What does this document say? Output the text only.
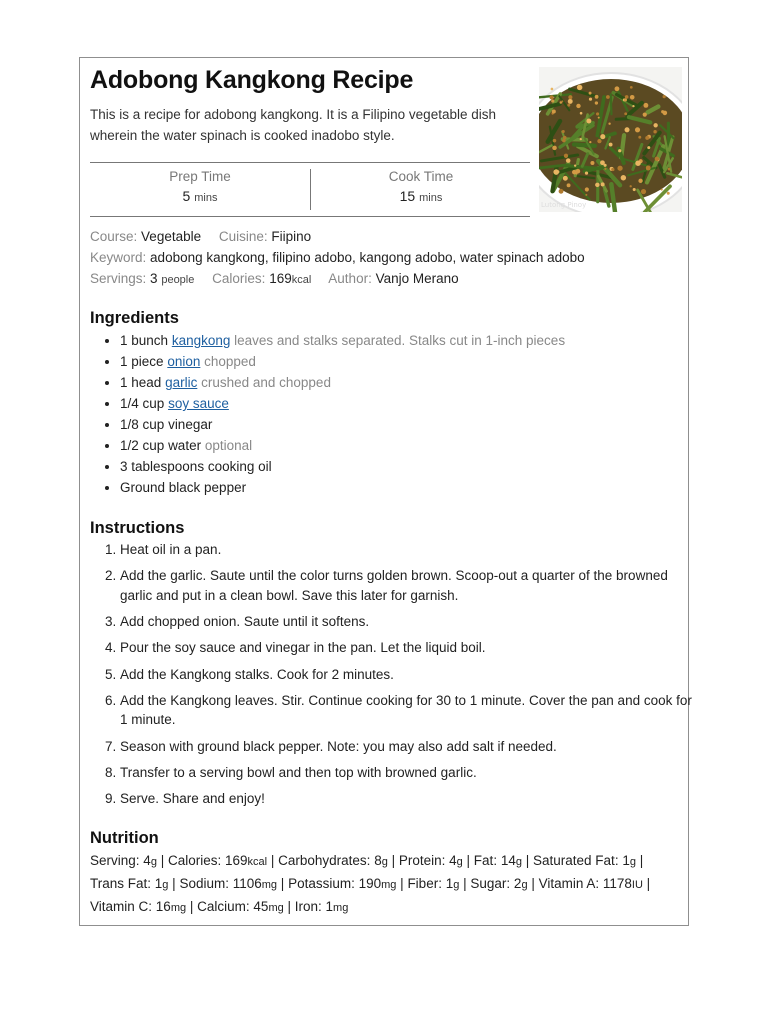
Adobong Kangkong Recipe
This is a recipe for adobong kangkong. It is a Filipino vegetable dish wherein the water spinach is cooked inadobo style.
Lutong Pinoy
Prep Time
5 mins
Cook Time
15 mins
Course: Vegetable Cuisine: Fiipino
Keyword: adobong kangkong, filipino adobo, kangong adobo, water spinach adobo
Servings: 3 people Calories: 169kcal Author: Vanjo Merano
Ingredients
• 1 bunch kangkong leaves and stalks separated. Stalks cut in 1-inch pieces
• 1 piece onion chopped
• 1 head garlic crushed and chopped
• 1/4 cup soy sauce
• 1/8 cup vinegar
• 1/2 cup water optional
• 3 tablespoons cooking oil
• Ground black pepper
Instructions
1. Heat oil in a pan.
2. Add the garlic. Saute until the color turns golden brown. Scoop-out a quarter of the browned garlic and put in a clean bowl. Save this later for garnish.
3. Add chopped onion. Saute until it softens.
4. Pour the soy sauce and vinegar in the pan. Let the liquid boil.
5. Add the Kangkong stalks. Cook for 2 minutes.
6. Add the Kangkong leaves. Stir. Continue cooking for 30 to 1 minute. Cover the pan and cook for 1 minute.
7. Season with ground black pepper. Note: you may also add salt if needed.
8. Transfer to a serving bowl and then top with browned garlic.
9. Serve. Share and enjoy!
Nutrition
Serving: 4g | Calories: 169kcal | Carbohydrates: 8g | Protein: 4g | Fat: 14g | Saturated Fat: 1g | Trans Fat: 1g | Sodium: 1106mg | Potassium: 190mg | Fiber: 1g | Sugar: 2g | Vitamin A: 1178IU | Vitamin C: 16mg | Calcium: 45mg | Iron: 1mg
